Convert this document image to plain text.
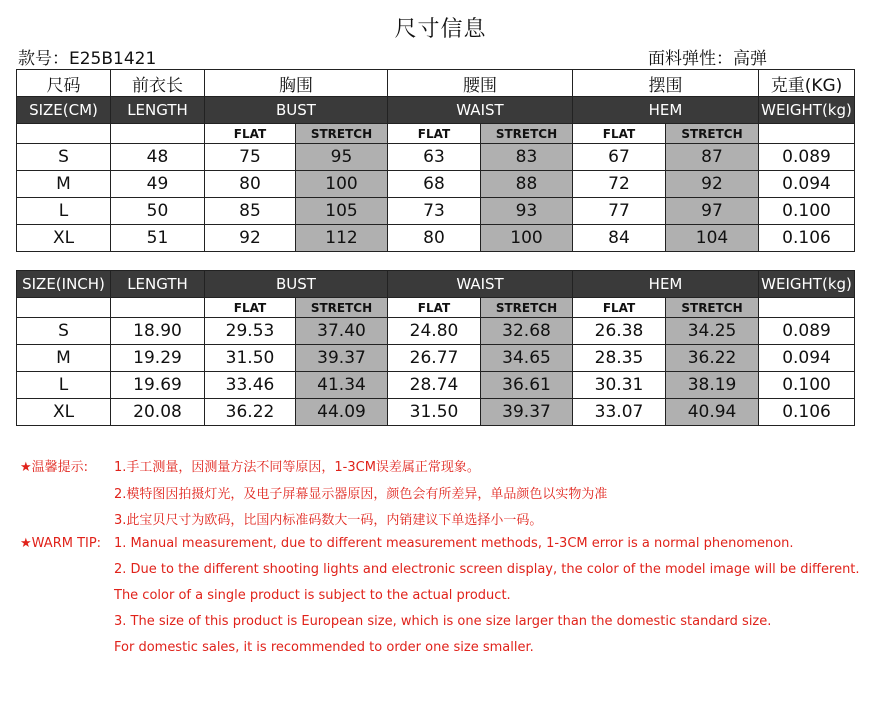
尺寸信息
款号：E25B1421	面料弹性：高弹
尺码	前衣长	胸围		腰围		摆围		克重(KG)
SIZE(CM)	LENGTH	BUST		WAIST		HEM		WEIGHT(kg)
		FLAT	STRETCH	FLAT	STRETCH	FLAT	STRETCH	
S	48	75	95	63	83	67	87	0.089
M	49	80	100	68	88	72	92	0.094
L	50	85	105	73	93	77	97	0.100
XL	51	92	112	80	100	84	104	0.106
SIZE(INCH)	LENGTH	BUST		WAIST		HEM		WEIGHT(kg)
		FLAT	STRETCH	FLAT	STRETCH	FLAT	STRETCH	
S	18.90	29.53	37.40	24.80	32.68	26.38	34.25	0.089
M	19.29	31.50	39.37	26.77	34.65	28.35	36.22	0.094
L	19.69	33.46	41.34	28.74	36.61	30.31	38.19	0.100
XL	20.08	36.22	44.09	31.50	39.37	33.07	40.94	0.106
★温馨提示: 1.手工测量，因测量方法不同等原因，1-3CM误差属正常现象。
2.模特图因拍摄灯光，及电子屏幕显示器原因，颜色会有所差异，单品颜色以实物为准
3.此宝贝尺寸为欧码，比国内标准码数大一码，内销建议下单选择小一码。
★WARM TIP: 1. Manual measurement, due to different measurement methods, 1-3CM error is a normal phenomenon.
2. Due to the different shooting lights and electronic screen display, the color of the model image will be different.
The color of a single product is subject to the actual product.
3. The size of this product is European size, which is one size larger than the domestic standard size.
For domestic sales, it is recommended to order one size smaller.
